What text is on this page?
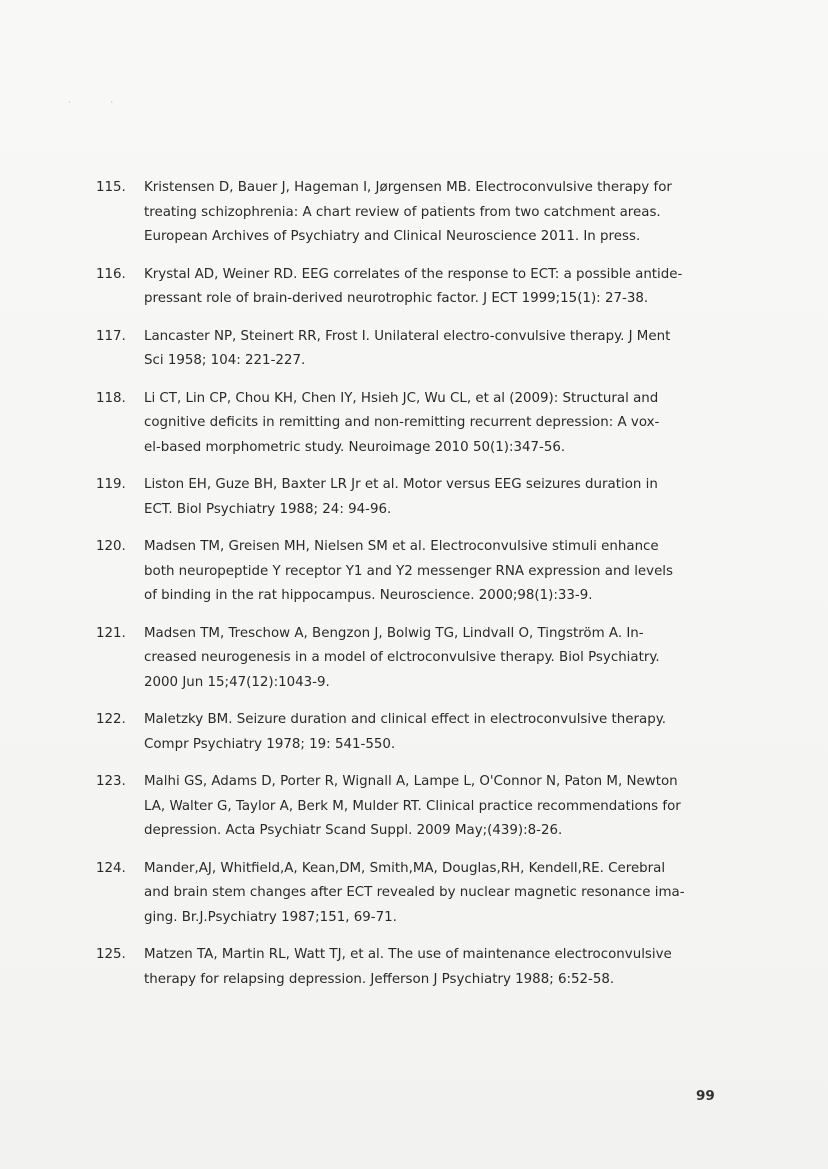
··
115. Kristensen D, Bauer J, Hageman I, Jørgensen MB. Electroconvulsive therapy for
treating schizophrenia: A chart review of patients from two catchment areas.
European Archives of Psychiatry and Clinical Neuroscience 2011. In press.
116. Krystal AD, Weiner RD. EEG correlates of the response to ECT: a possible antide-
pressant role of brain-derived neurotrophic factor. J ECT 1999;15(1): 27-38.
117. Lancaster NP, Steinert RR, Frost I. Unilateral electro-convulsive therapy. J Ment
Sci 1958; 104: 221-227.
118. Li CT, Lin CP, Chou KH, Chen IY, Hsieh JC, Wu CL, et al (2009): Structural and
cognitive deficits in remitting and non-remitting recurrent depression: A vox-
el-based morphometric study. Neuroimage 2010 50(1):347-56.
119. Liston EH, Guze BH, Baxter LR Jr et al. Motor versus EEG seizures duration in
ECT. Biol Psychiatry 1988; 24: 94-96.
120. Madsen TM, Greisen MH, Nielsen SM et al. Electroconvulsive stimuli enhance
both neuropeptide Y receptor Y1 and Y2 messenger RNA expression and levels
of binding in the rat hippocampus. Neuroscience. 2000;98(1):33-9.
121. Madsen TM, Treschow A, Bengzon J, Bolwig TG, Lindvall O, Tingström A. In-
creased neurogenesis in a model of elctroconvulsive therapy. Biol Psychiatry.
2000 Jun 15;47(12):1043-9.
122. Maletzky BM. Seizure duration and clinical effect in electroconvulsive therapy.
Compr Psychiatry 1978; 19: 541-550.
123. Malhi GS, Adams D, Porter R, Wignall A, Lampe L, O'Connor N, Paton M, Newton
LA, Walter G, Taylor A, Berk M, Mulder RT. Clinical practice recommendations for
depression. Acta Psychiatr Scand Suppl. 2009 May;(439):8-26.
124. Mander,AJ, Whitfield,A, Kean,DM, Smith,MA, Douglas,RH, Kendell,RE. Cerebral
and brain stem changes after ECT revealed by nuclear magnetic resonance ima-
ging. Br.J.Psychiatry 1987;151, 69-71.
125. Matzen TA, Martin RL, Watt TJ, et al. The use of maintenance electroconvulsive
therapy for relapsing depression. Jefferson J Psychiatry 1988; 6:52-58.
99
